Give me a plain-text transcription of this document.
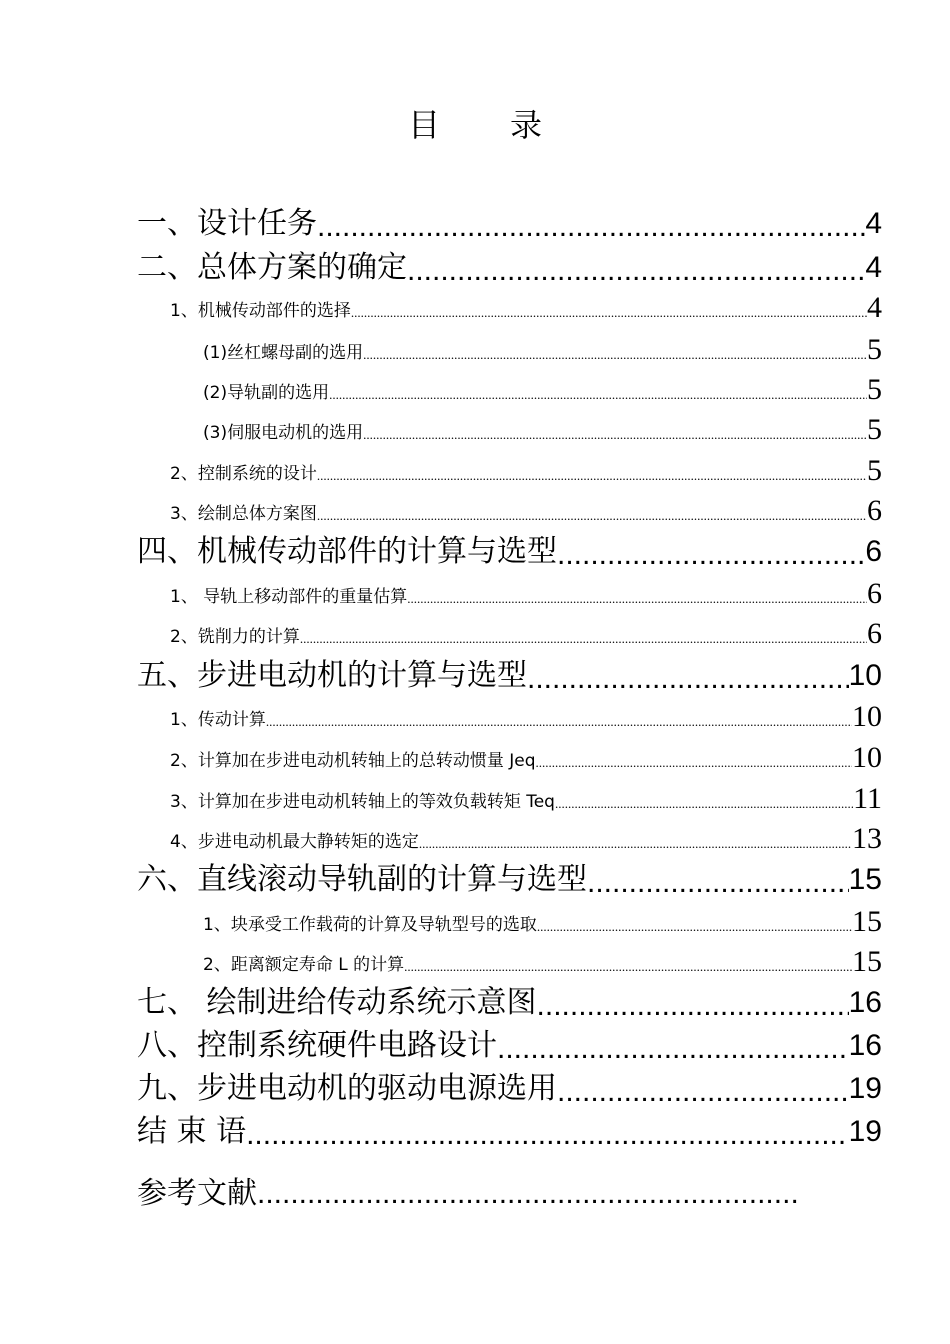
目 录
一、设计任务 .....	4
二、总体方案的确定 .....	4
1、机械传动部件的选择 .....	4
(1)丝杠螺母副的选用 .....	5
(2)导轨副的选用 .....	5
(3)伺服电动机的选用 .....	5
2、控制系统的设计 .....	5
3、绘制总体方案图 .....	6
四、机械传动部件的计算与选型 .....	6
1、 导轨上移动部件的重量估算 .....	6
2、铣削力的计算 .....	6
五、步进电动机的计算与选型 .....	10
1、传动计算 .....	10
2、计算加在步进电动机转轴上的总转动惯量 Jeq .....	10
3、计算加在步进电动机转轴上的等效负载转矩 Teq .....	11
4、步进电动机最大静转矩的选定 .....	13
六、直线滚动导轨副的计算与选型 .....	15
1、块承受工作载荷的计算及导轨型号的选取 .....	15
2、距离额定寿命 L 的计算 .....	15
七、 绘制进给传动系统示意图 .....	16
八、控制系统硬件电路设计 .....	16
九、步进电动机的驱动电源选用 .....	19
结 束 语 .....	19
参考文献.................................................................
